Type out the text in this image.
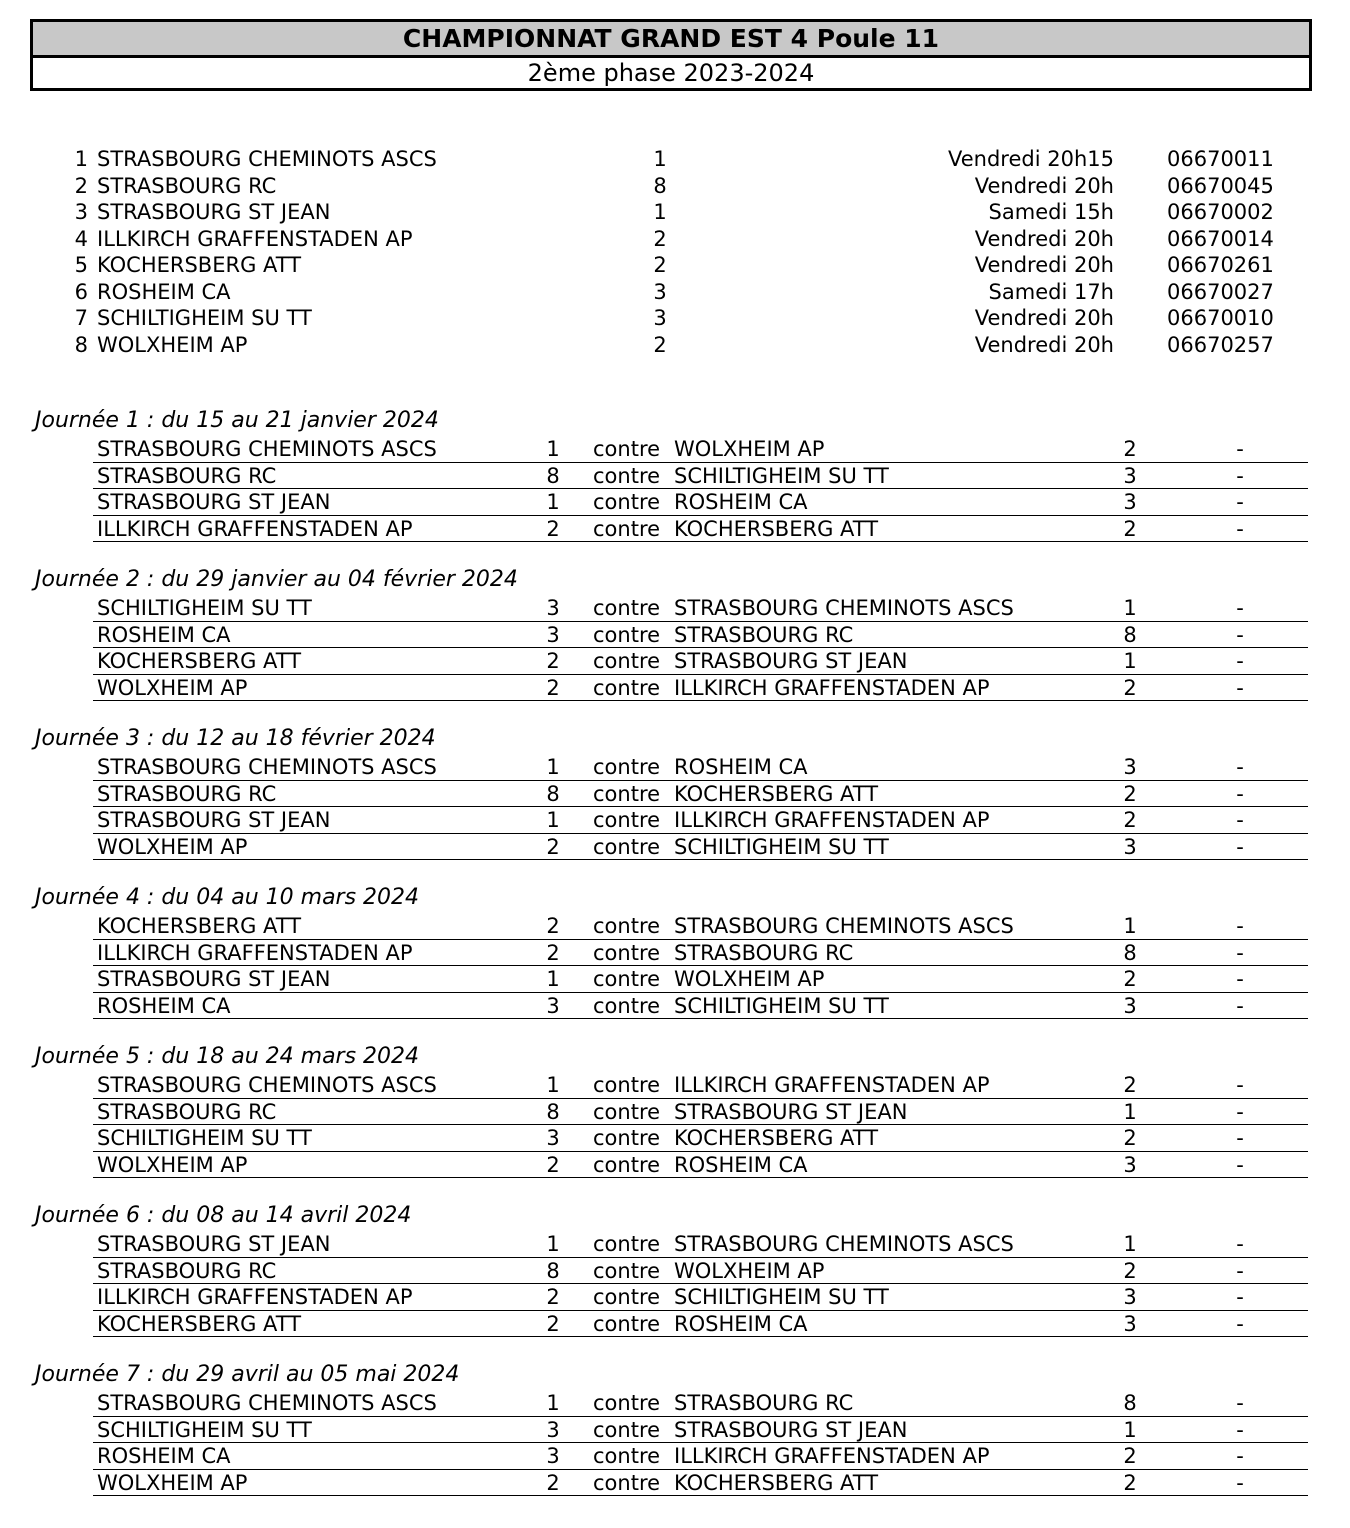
CHAMPIONNAT GRAND EST 4 Poule 11
2ème phase 2023-2024
1 STRASBOURG CHEMINOTS ASCS	1	Vendredi 20h15	06670011
2 STRASBOURG RC	8	Vendredi 20h	06670045
3 STRASBOURG ST JEAN	1	Samedi 15h	06670002
4 ILLKIRCH GRAFFENSTADEN AP	2	Vendredi 20h	06670014
5 KOCHERSBERG ATT	2	Vendredi 20h	06670261
6 ROSHEIM CA	3	Samedi 17h	06670027
7 SCHILTIGHEIM SU TT	3	Vendredi 20h	06670010
8 WOLXHEIM AP	2	Vendredi 20h	06670257
Journée 1 : du 15 au 21 janvier 2024
STRASBOURG CHEMINOTS ASCS	1	contre WOLXHEIM AP	2	-
STRASBOURG RC	8	contre SCHILTIGHEIM SU TT	3	-
STRASBOURG ST JEAN	1	contre ROSHEIM CA	3	-
ILLKIRCH GRAFFENSTADEN AP	2	contre KOCHERSBERG ATT	2	-
Journée 2 : du 29 janvier au 04 février 2024
SCHILTIGHEIM SU TT	3	contre STRASBOURG CHEMINOTS ASCS	1	-
ROSHEIM CA	3	contre STRASBOURG RC	8	-
KOCHERSBERG ATT	2	contre STRASBOURG ST JEAN	1	-
WOLXHEIM AP	2	contre ILLKIRCH GRAFFENSTADEN AP	2	-
Journée 3 : du 12 au 18 février 2024
STRASBOURG CHEMINOTS ASCS	1	contre ROSHEIM CA	3	-
STRASBOURG RC	8	contre KOCHERSBERG ATT	2	-
STRASBOURG ST JEAN	1	contre ILLKIRCH GRAFFENSTADEN AP	2	-
WOLXHEIM AP	2	contre SCHILTIGHEIM SU TT	3	-
Journée 4 : du 04 au 10 mars 2024
KOCHERSBERG ATT	2	contre STRASBOURG CHEMINOTS ASCS	1	-
ILLKIRCH GRAFFENSTADEN AP	2	contre STRASBOURG RC	8	-
STRASBOURG ST JEAN	1	contre WOLXHEIM AP	2	-
ROSHEIM CA	3	contre SCHILTIGHEIM SU TT	3	-
Journée 5 : du 18 au 24 mars 2024
STRASBOURG CHEMINOTS ASCS	1	contre ILLKIRCH GRAFFENSTADEN AP	2	-
STRASBOURG RC	8	contre STRASBOURG ST JEAN	1	-
SCHILTIGHEIM SU TT	3	contre KOCHERSBERG ATT	2	-
WOLXHEIM AP	2	contre ROSHEIM CA	3	-
Journée 6 : du 08 au 14 avril 2024
STRASBOURG ST JEAN	1	contre STRASBOURG CHEMINOTS ASCS	1	-
STRASBOURG RC	8	contre WOLXHEIM AP	2	-
ILLKIRCH GRAFFENSTADEN AP	2	contre SCHILTIGHEIM SU TT	3	-
KOCHERSBERG ATT	2	contre ROSHEIM CA	3	-
Journée 7 : du 29 avril au 05 mai 2024
STRASBOURG CHEMINOTS ASCS	1	contre STRASBOURG RC	8	-
SCHILTIGHEIM SU TT	3	contre STRASBOURG ST JEAN	1	-
ROSHEIM CA	3	contre ILLKIRCH GRAFFENSTADEN AP	2	-
WOLXHEIM AP	2	contre KOCHERSBERG ATT	2	-
